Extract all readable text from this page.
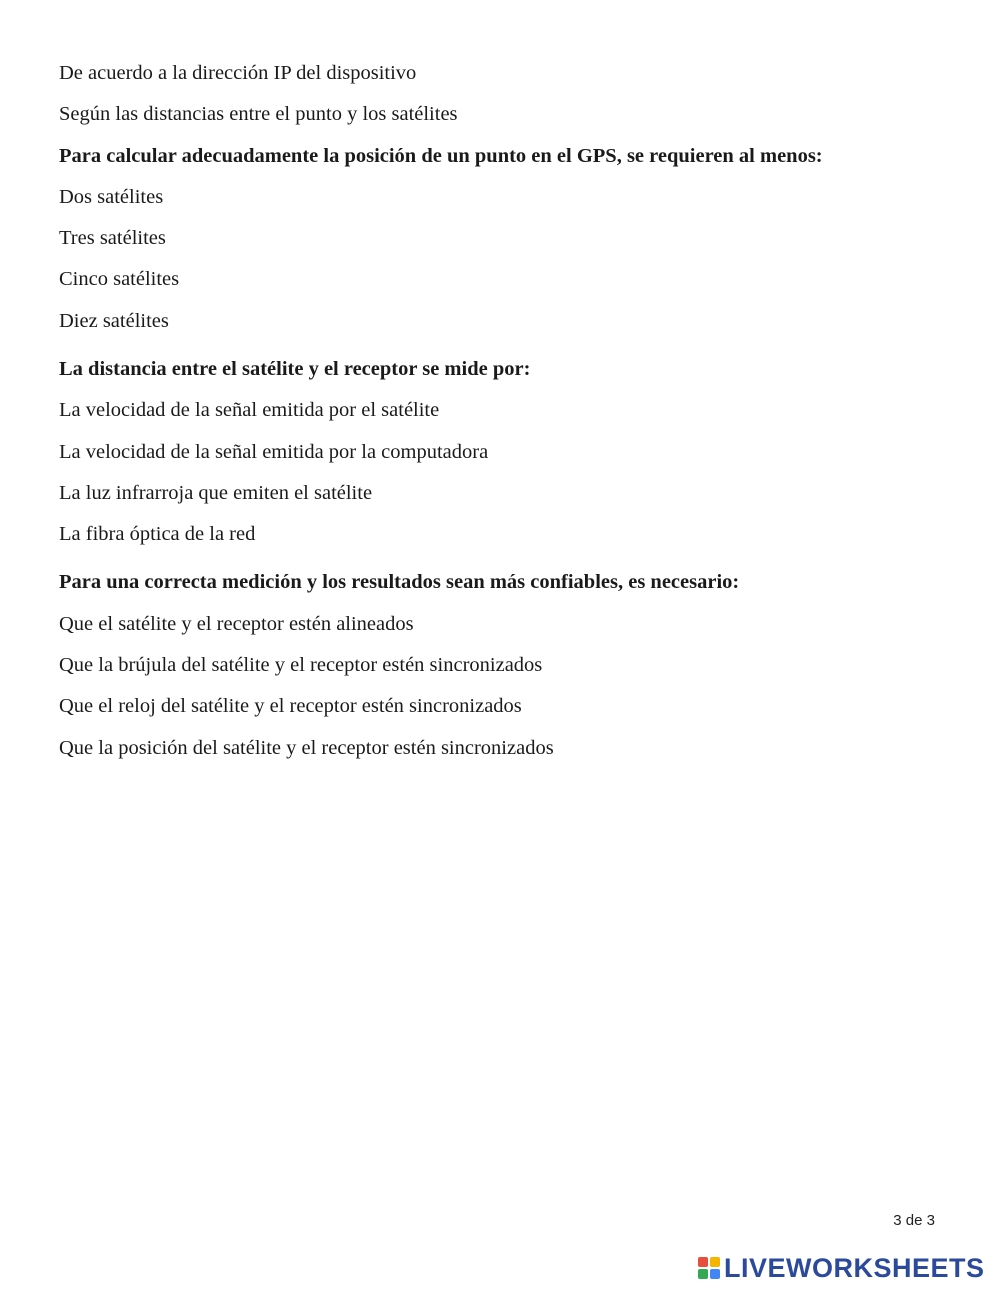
De acuerdo a la dirección IP del dispositivo
Según las distancias entre el punto y los satélites
Para calcular adecuadamente la posición de un punto en el GPS, se requieren al menos:
Dos satélites
Tres satélites
Cinco satélites
Diez satélites
La distancia entre el satélite y el receptor se mide por:
La velocidad de la señal emitida por el satélite
La velocidad de la señal emitida por la computadora
La luz infrarroja que emiten el satélite
La fibra óptica de la red
Para una correcta medición y los resultados sean más confiables, es necesario:
Que el satélite y el receptor estén alineados
Que la brújula del satélite y el receptor estén sincronizados
Que el reloj del satélite y el receptor estén sincronizados
Que la posición del satélite y el receptor estén sincronizados
3 de 3
LIVEWORKSHEETS
